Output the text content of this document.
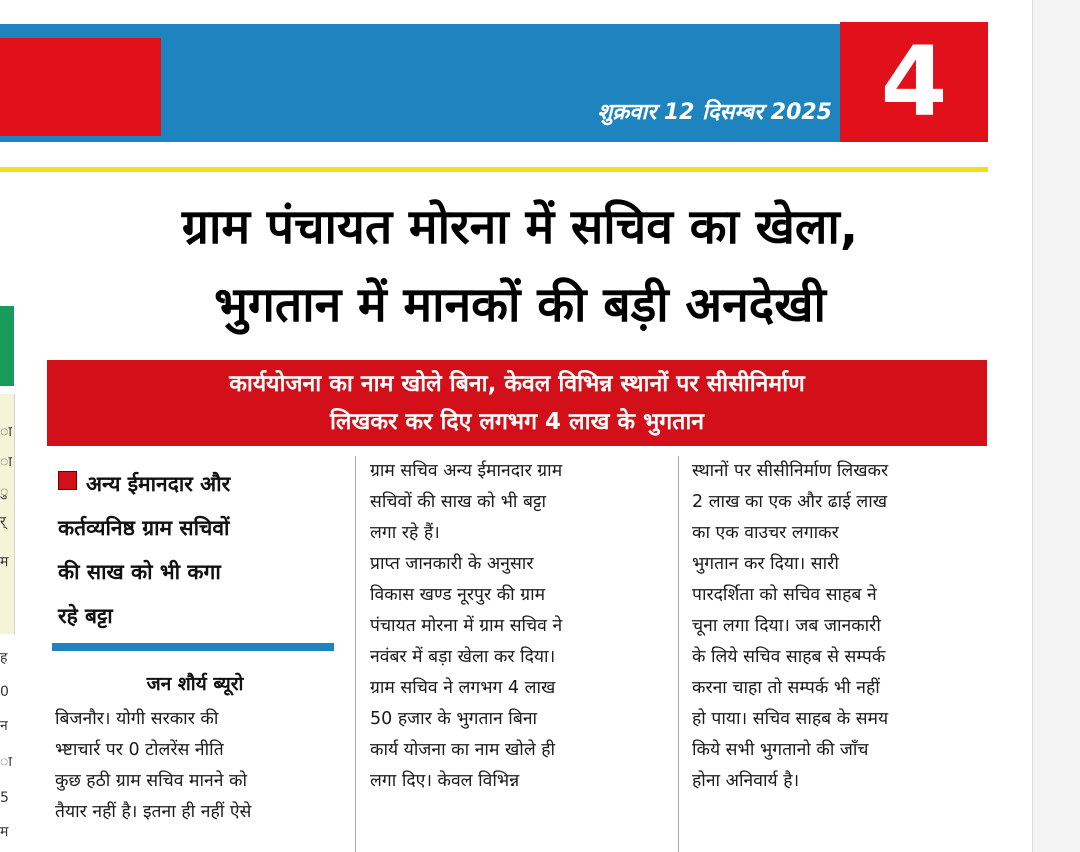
शुक्रवार 12 दिसम्बर 2025 4
ा
ा
ु
र्
म
ह
0
न
ा
5
म
ग्राम पंचायत मोरना में सचिव का खेला,
भुगतान में मानकों की बड़ी अनदेखी
कार्ययोजना का नाम खोले बिना, केवल विभिन्न स्थानों पर सीसीनिर्माण
लिखकर कर दिए लगभग 4 लाख के भुगतान

अन्य ईमानदार और
कर्तव्यनिष्ठ ग्राम सचिवों
की साख को भी कगा
रहे बट्टा

जन शौर्य ब्यूरो
बिजनौर। योगी सरकार की
भ्ष्टाचार्र पर 0 टोलरेंस नीति
कुछ हठी ग्राम सचिव मानने को
तैयार नहीं है। इतना ही नहीं ऐसे
ग्राम सचिव अन्य ईमानदार ग्राम
सचिवों की साख को भी बट्टा
लगा रहे हैं।
प्राप्त जानकारी के अनुसार
विकास खण्ड नूरपुर की ग्राम
पंचायत मोरना में ग्राम सचिव ने
नवंबर में बड़ा खेला कर दिया।
ग्राम सचिव ने लगभग 4 लाख
50 हजार के भुगतान बिना
कार्य योजना का नाम खोले ही
लगा दिए। केवल विभिन्न
स्थानों पर सीसीनिर्माण लिखकर
2 लाख का एक और ढाई लाख
का एक वाउचर लगाकर
भुगतान कर दिया। सारी
पारदर्शिता को सचिव साहब ने
चूना लगा दिया। जब जानकारी
के लिये सचिव साहब से सम्पर्क
करना चाहा तो सम्पर्क भी नहीं
हो पाया। सचिव साहब के समय
किये सभी भुगतानो की जाँच
होना अनिवार्य है।
